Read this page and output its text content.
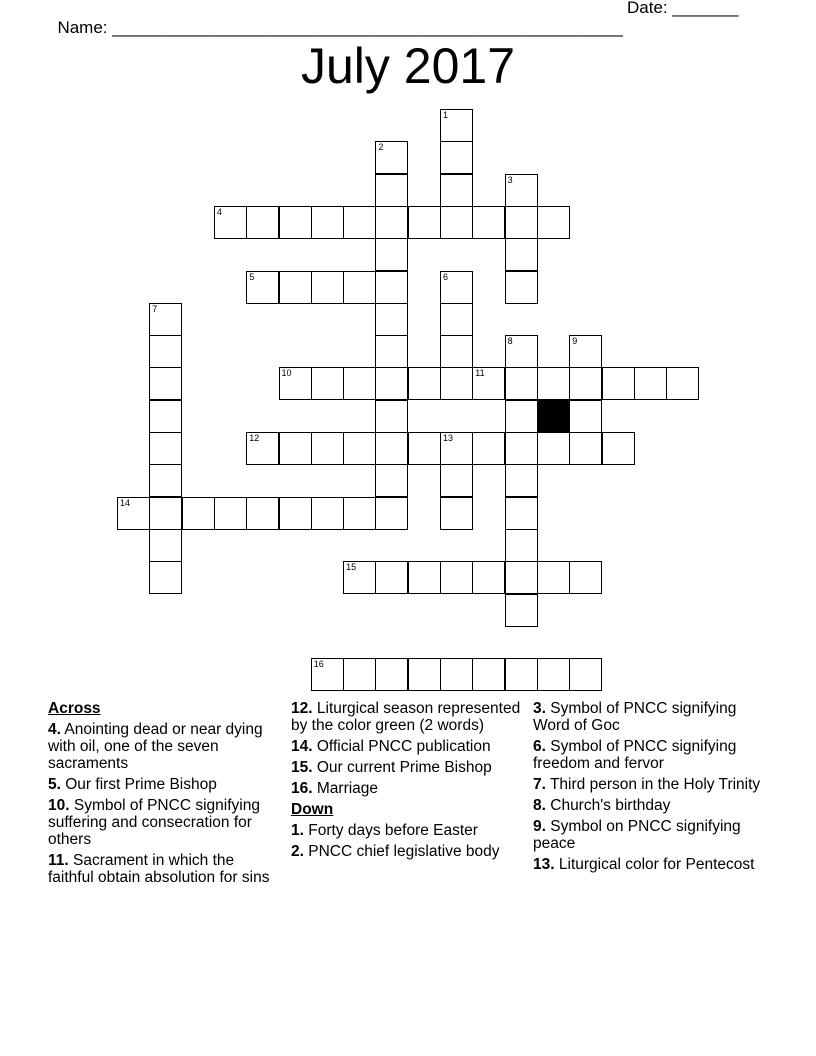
Name: ______________________________________________________

Date: _______

July 2017
1
2
3
4
5	6
7
8	9
10	11
12	13
14
15
16
Across
4. Anointing dead or near dying with oil, one of the seven sacraments
5. Our first Prime Bishop
10. Symbol of PNCC signifying suffering and consecration for others
11. Sacrament in which the faithful obtain absolution for sins
12. Liturgical season represented by the color green (2 words)
14. Official PNCC publication
15. Our current Prime Bishop
16. Marriage
Down
1. Forty days before Easter
2. PNCC chief legislative body
3. Symbol of PNCC signifying Word of Goc
6. Symbol of PNCC signifying freedom and fervor
7. Third person in the Holy Trinity
8. Church's birthday
9. Symbol on PNCC signifying peace
13. Liturgical color for Pentecost
